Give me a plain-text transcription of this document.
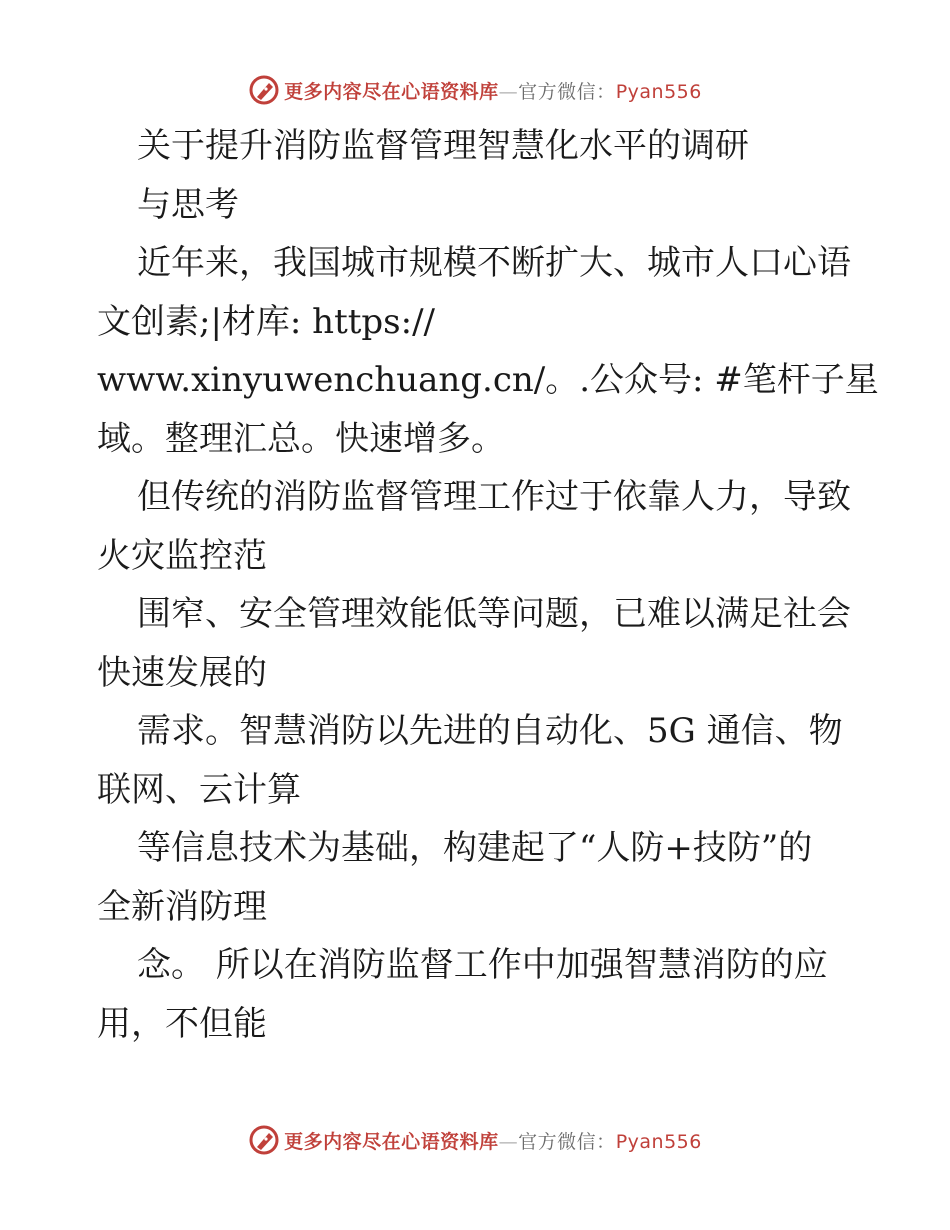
更多内容尽在心语资料库—官方微信：Pyan556

关于提升消防监督管理智慧化水平的调研

与思考

近年来，我国城市规模不断扩大、城市人口心语

文创素;|材库: https://

www.xinyuwenchuang.cn/。.公众号: #笔杆子星

域。整理汇总。快速增多。

但传统的消防监督管理工作过于依靠人力，导致

火灾监控范

围窄、安全管理效能低等问题，已难以满足社会

快速发展的

需求。智慧消防以先进的自动化、5G 通信、物

联网、云计算

等信息技术为基础，构建起了“人防+技防”的

全新消防理

念。 所以在消防监督工作中加强智慧消防的应

用，不但能

更多内容尽在心语资料库—官方微信：Pyan556
